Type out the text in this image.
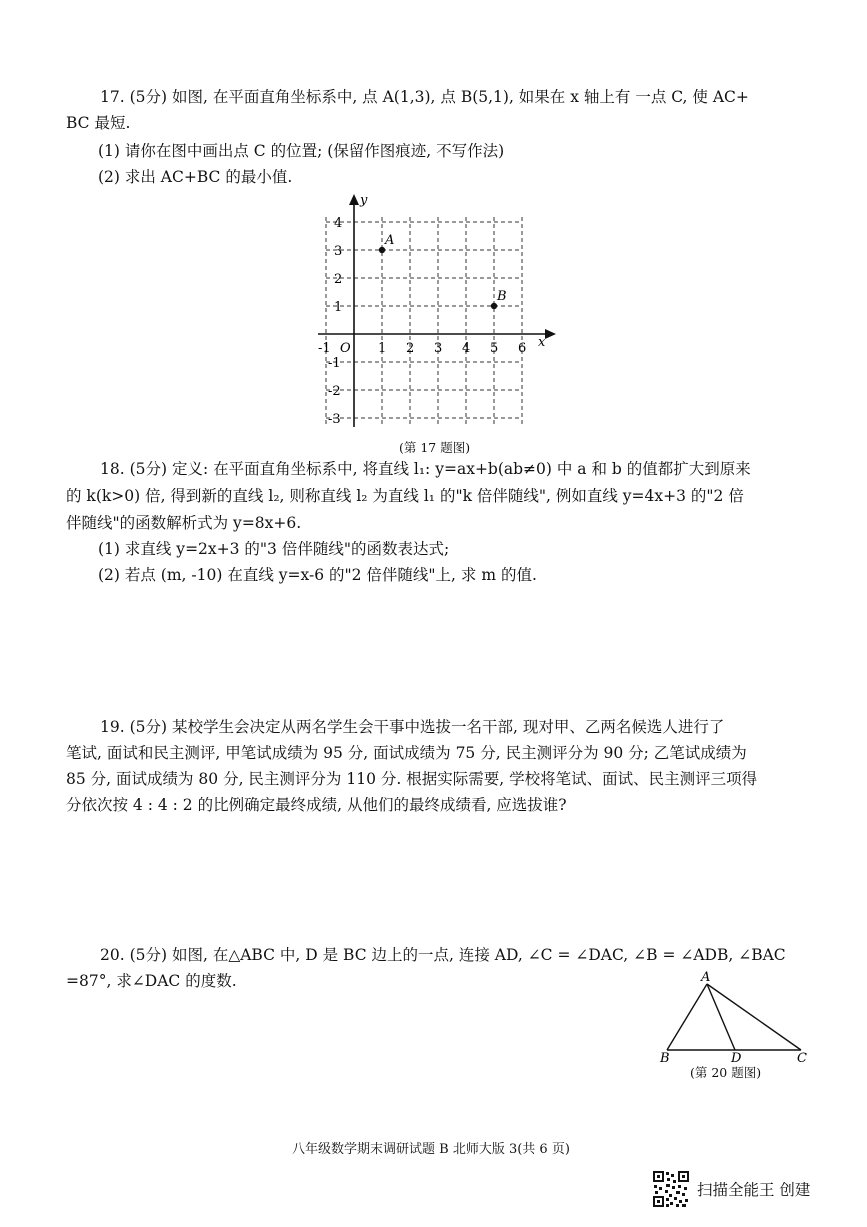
17. (5分) 如图, 在平面直角坐标系中, 点 A(1,3), 点 B(5,1), 如果在 x 轴上有 一点 C, 使 AC+
BC 最短.
(1) 请你在图中画出点 C 的位置; (保留作图痕迹, 不写作法)
(2) 求出 AC+BC 的最小值.
y
x
O
-1	1 2 3 4 5 6
4
3
2
1
-1
-2
-3
A
B
(第 17 题图)
18. (5分) 定义: 在平面直角坐标系中, 将直线 l₁: y=ax+b(ab≠0) 中 a 和 b 的值都扩大到原来
的 k(k>0) 倍, 得到新的直线 l₂, 则称直线 l₂ 为直线 l₁ 的"k 倍伴随线", 例如直线 y=4x+3 的"2 倍
伴随线"的函数解析式为 y=8x+6.
(1) 求直线 y=2x+3 的"3 倍伴随线"的函数表达式;
(2) 若点 (m, -10) 在直线 y=x-6 的"2 倍伴随线"上, 求 m 的值.
19. (5分) 某校学生会决定从两名学生会干事中选拔一名干部, 现对甲、乙两名候选人进行了
笔试, 面试和民主测评, 甲笔试成绩为 95 分, 面试成绩为 75 分, 民主测评分为 90 分; 乙笔试成绩为
85 分, 面试成绩为 80 分, 民主测评分为 110 分. 根据实际需要, 学校将笔试、面试、民主测评三项得
分依次按 4 : 4 : 2 的比例确定最终成绩, 从他们的最终成绩看, 应选拔谁?
20. (5分) 如图, 在△ABC 中, D 是 BC 边上的一点, 连接 AD, ∠C = ∠DAC, ∠B = ∠ADB, ∠BAC
=87°, 求∠DAC 的度数.	A
B	D	C
(第 20 题图)
八年级数学期末调研试题 B 北师大版 3(共 6 页)
扫描全能王 创建
